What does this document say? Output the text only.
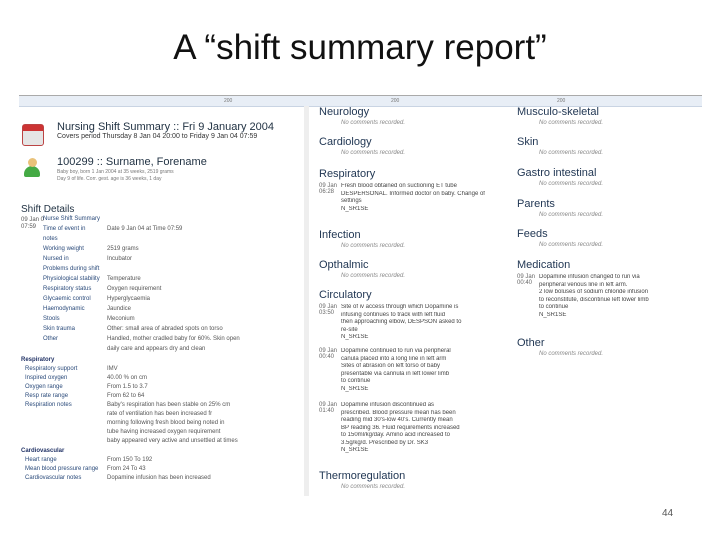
A “shift summary report”
200	200	200
Nursing Shift Summary :: Fri 9 January 2004
Covers period Thursday 8 Jan 04 20:00 to Friday 9 Jan 04 07:59
100299 :: Surname, Forename
Baby boy, born 1 Jan 2004 at 35 weeks, 2519 grams
Day 9 of life. Corr. gest. age is 36 weeks, 1 day
Shift Details
09 Jan 0
07:59
Nurse Shift Summary
Time of event in	Date 9 Jan 04 at Time 07:59
notes
Working weight	2519 grams
Nursed in	Incubator
Problems during shift
Physiological stability Temperature
Respiratory status	Oxygen requirement
Glycaemic control	Hyperglycaemia
Haemodynamic	Jaundice
Stools	Meconium
Skin trauma	Other: small area of abraded spots on torso
Other	Handled, mother cradled baby for 60%. Skin open
daily care and appears dry and clean
Respiratory
Respiratory support	IMV
Inspired oxygen	40.00 % on cm
Oxygen range	From 1.5 to 3.7
Resp rate range	From 62 to 64
Respiration notes	Baby's respiration has been stable on 25% cm
rate of ventilation has been increased fr
morning following fresh blood being noted in
tube having increased oxygen requirement
baby appeared very active and unsettled at times
Cardiovascular
Heart range	From 150 To 192
Mean blood pressure range From 24 To 43
Cardiovascular notes	Dopamine infusion has been increased
Neurology
No comments recorded.
Cardiology
No comments recorded.
Respiratory
09 Jan
06:28
Fresh blood obtained on suctioning ET tube
DESPERSONAL. Informed doctor on baby. Change of
settings
N_SR1SE
Infection
No comments recorded.
Opthalmic
No comments recorded.
Circulatory
09 Jan
03:50
Site of iv access through which Dopamine is
infusing continues to track with left fluid
then approaching elbow, DESPSON asked to
re-site
N_SR1SE
09 Jan
00:40
Dopamine continued to run via peripheral
canula placed into a long line in left arm
Sites of abrasion on left torso of baby
presentable via cannula in left lower limb
to continue
N_SR1SE
09 Jan
01:40
Dopamine infusion discontinued as
prescribed. Blood pressure mean has been
reading mid 30's-low 40's. Currently mean
BP reading 36. Fluid requirements increased
to 150ml/kg/day. Amino acid increased to
3.5g/kg/d. Prescribed by Dr. SK3
N_SR1SE
Thermoregulation
No comments recorded.
Musculo-skeletal
No comments recorded.
Skin
No comments recorded.
Gastro intestinal
No comments recorded.
Parents
No comments recorded.
Feeds
No comments recorded.
Medication
09 Jan
00:40
Dopamine infusion changed to run via
peripheral venous line in left arm.
2 low boluses of sodium chloride infusion
to reconstitute, discontinue left lower limb
to continue
N_SR1SE
Other
No comments recorded.
44
